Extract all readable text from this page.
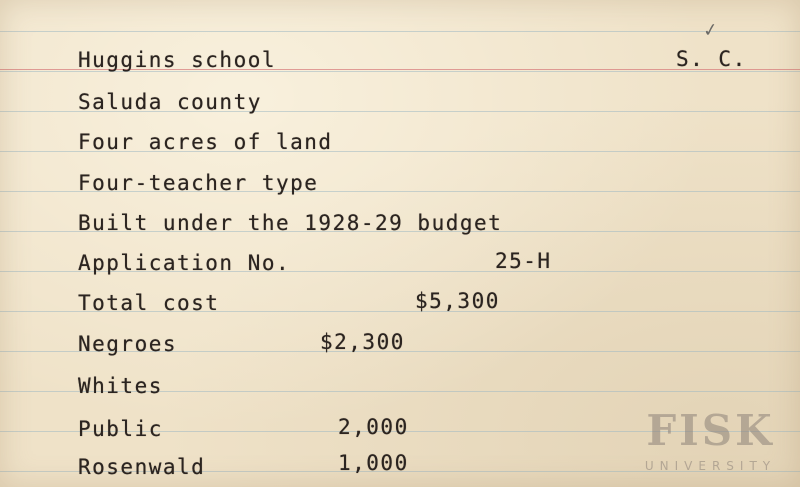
✓
S. C.
Huggins school
Saluda county
Four acres of land
Four-teacher type
Built under the 1928-29 budget
Application No.	25-H
Total cost	$5,300
Negroes	$2,300
Whites
Public	2,000
Rosenwald	1,000
FISK
UNIVERSITY
